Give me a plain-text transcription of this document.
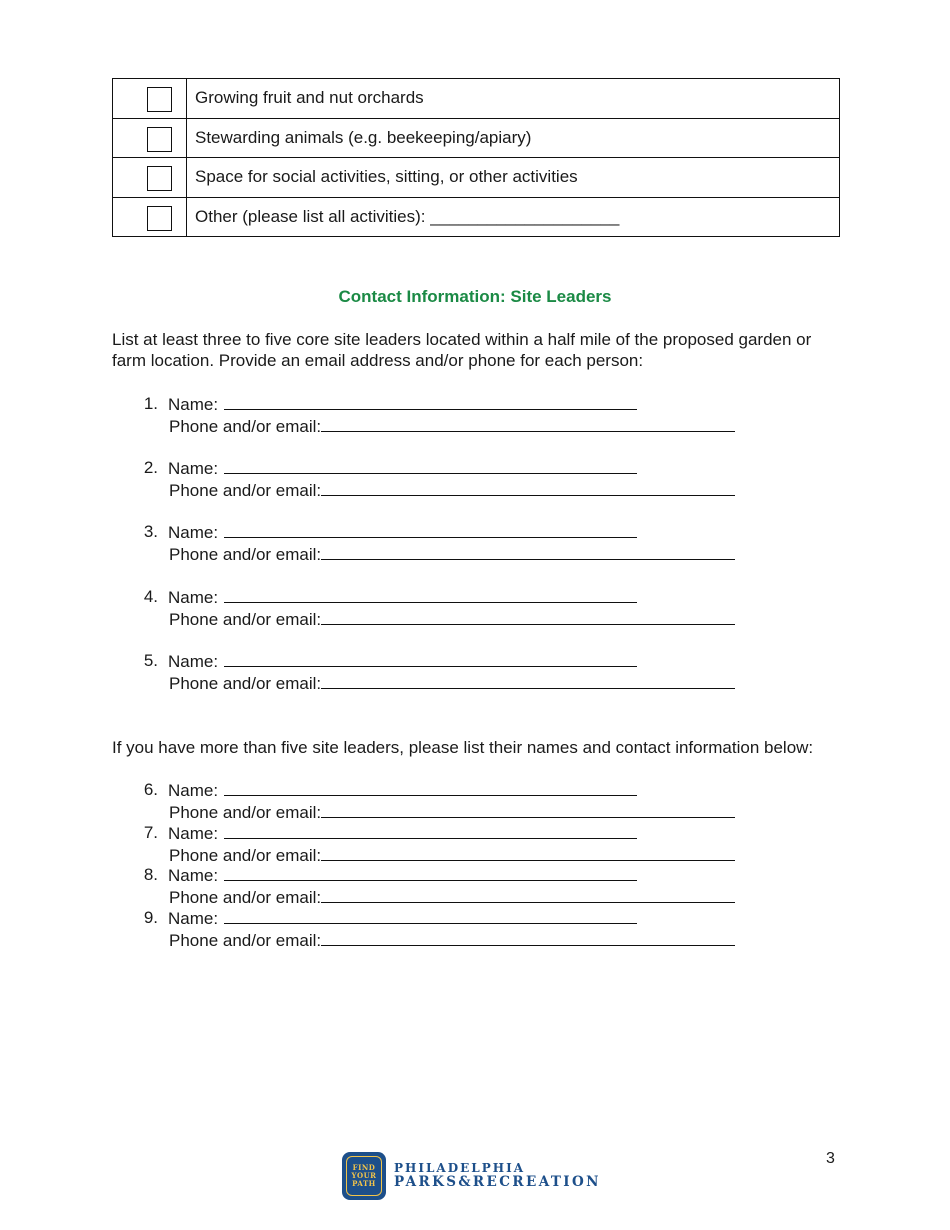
	Growing fruit and nut orchards

	Stewarding animals (e.g. beekeeping/apiary)

	Space for social activities, sitting, or other activities

	Other (please list all activities): ____________________
Contact Information: Site Leaders
List at least three to five core site leaders located within a half mile of the proposed garden or farm location. Provide an email address and/or phone for each person:
1. Name:
Phone and/or email:
2. Name:
Phone and/or email:
3. Name:
Phone and/or email:
4. Name:
Phone and/or email:
5. Name:
Phone and/or email:
If you have more than five site leaders, please list their names and contact information below:
6. Name:
Phone and/or email:
7. Name:
Phone and/or email:
8. Name:
Phone and/or email:
9. Name:
Phone and/or email:
3
FIND
YOUR
PATH
PHILADELPHIA
PARKS&RECREATION
